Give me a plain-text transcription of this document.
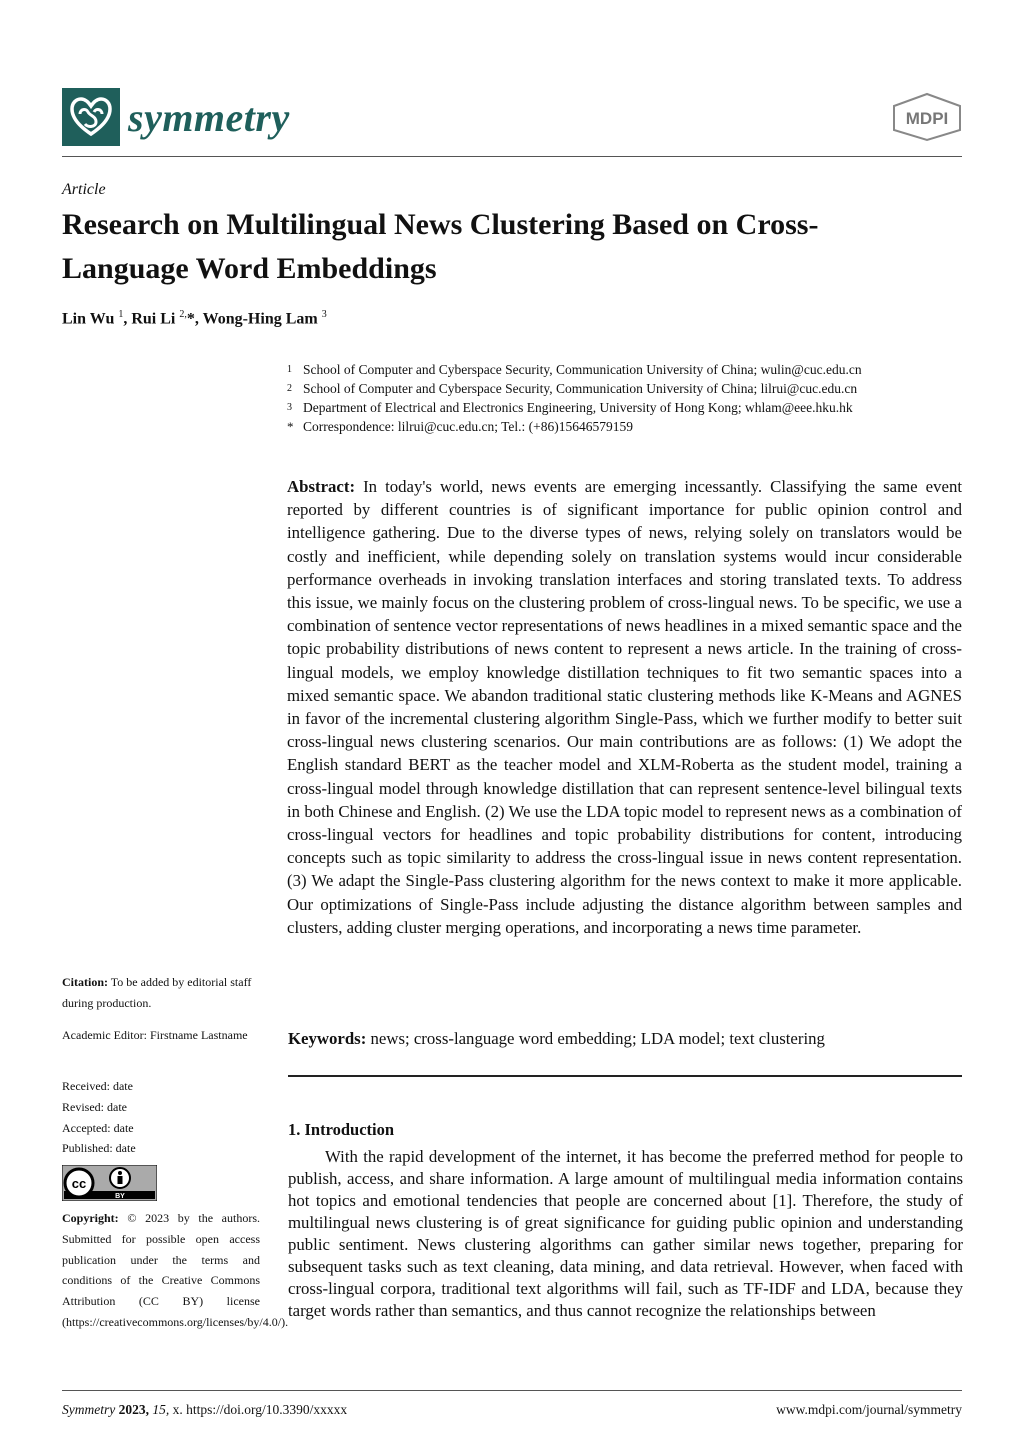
symmetry	MDPI
Article
Research on Multilingual News Clustering Based on Cross-Language Word Embeddings
Lin Wu $^1$, Rui Li $^{2,}$*, Wong-Hing Lam $^3$
1 School of Computer and Cyberspace Security, Communication University of China; wulin@cuc.edu.cn
2 School of Computer and Cyberspace Security, Communication University of China; lilrui@cuc.edu.cn
3 Department of Electrical and Electronics Engineering, University of Hong Kong; whlam@eee.hku.hk
* Correspondence: lilrui@cuc.edu.cn; Tel.: (+86)15646579159
Abstract: In today's world, news events are emerging incessantly. Classifying the same event reported by different countries is of significant importance for public opinion control and intelligence gathering. Due to the diverse types of news, relying solely on translators would be costly and inefficient, while depending solely on translation systems would incur considerable performance overheads in invoking translation interfaces and storing translated texts. To address this issue, we mainly focus on the clustering problem of cross-lingual news. To be specific, we use a combination of sentence vector representations of news headlines in a mixed semantic space and the topic probability distributions of news content to represent a news article. In the training of cross-lingual models, we employ knowledge distillation techniques to fit two semantic spaces into a mixed semantic space. We abandon traditional static clustering methods like K-Means and AGNES in favor of the incremental clustering algorithm Single-Pass, which we further modify to better suit cross-lingual news clustering scenarios. Our main contributions are as follows: (1) We adopt the English standard BERT as the teacher model and XLM-Roberta as the student model, training a cross-lingual model through knowledge distillation that can represent sentence-level bilingual texts in both Chinese and English. (2) We use the LDA topic model to represent news as a combination of cross-lingual vectors for headlines and topic probability distributions for content, introducing concepts such as topic similarity to address the cross-lingual issue in news content representation. (3) We adapt the Single-Pass clustering algorithm for the news context to make it more applicable. Our optimizations of Single-Pass include adjusting the distance algorithm between samples and clusters, adding cluster merging operations, and incorporating a news time parameter.
Keywords: news; cross-language word embedding; LDA model; text clustering
1. Introduction
With the rapid development of the internet, it has become the preferred method for people to publish, access, and share information. A large amount of multilingual media information contains hot topics and emotional tendencies that people are concerned about [1]. Therefore, the study of multilingual news clustering is of great significance for guiding public opinion and understanding public sentiment. News clustering algorithms can gather similar news together, preparing for subsequent tasks such as text cleaning, data mining, and data retrieval. However, when faced with cross-lingual corpora, traditional text algorithms will fail, such as TF-IDF and LDA, because they target words rather than semantics, and thus cannot recognize the relationships between
Citation: To be added by editorial staff during production.
Academic Editor: Firstname Lastname
Received: date
Revised: date
Accepted: date
Published: date
cc
BY
Copyright: © 2023 by the authors. Submitted for possible open access publication under the terms and conditions of the Creative Commons Attribution (CC BY) license (https://creativecommons.org/licenses/by/4.0/).
Symmetry 2023, 15, x. https://doi.org/10.3390/xxxxx	www.mdpi.com/journal/symmetry
